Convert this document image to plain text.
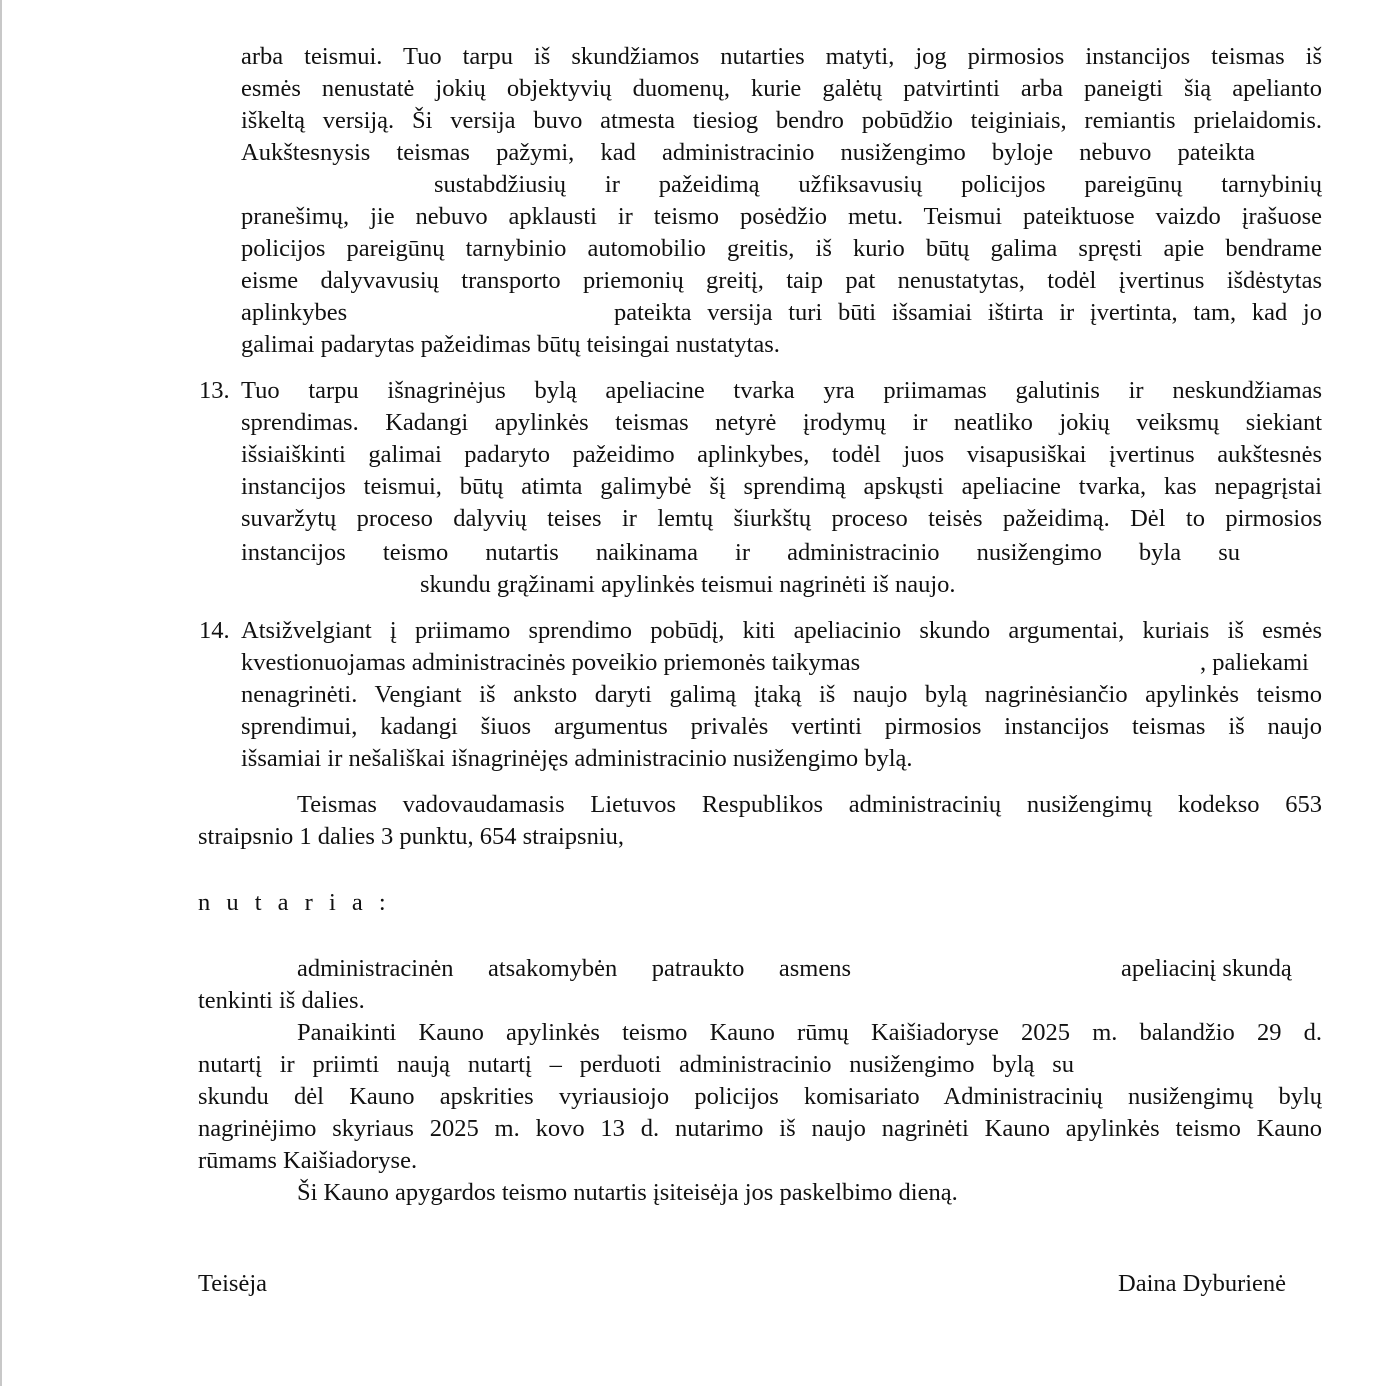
arba teismui. Tuo tarpu iš skundžiamos nutarties matyti, jog pirmosios instancijos teismas iš
esmės nenustatė jokių objektyvių duomenų, kurie galėtų patvirtinti arba paneigti šią apelianto
iškeltą versiją. Ši versija buvo atmesta tiesiog bendro pobūdžio teiginiais, remiantis prielaidomis.
Aukštesnysis teismas pažymi, kad administracinio nusižengimo byloje nebuvo pateikta
sustabdžiusių ir pažeidimą užfiksavusių policijos pareigūnų tarnybinių
pranešimų, jie nebuvo apklausti ir teismo posėdžio metu. Teismui pateiktuose vaizdo įrašuose
policijos pareigūnų tarnybinio automobilio greitis, iš kurio būtų galima spręsti apie bendrame
eisme dalyvavusių transporto priemonių greitį, taip pat nenustatytas, todėl įvertinus išdėstytas
aplinkybes	pateikta versija turi būti išsamiai ištirta ir įvertinta, tam, kad jo
galimai padarytas pažeidimas būtų teisingai nustatytas.
13. Tuo tarpu išnagrinėjus bylą apeliacine tvarka yra priimamas galutinis ir neskundžiamas
sprendimas. Kadangi apylinkės teismas netyrė įrodymų ir neatliko jokių veiksmų siekiant
išsiaiškinti galimai padaryto pažeidimo aplinkybes, todėl juos visapusiškai įvertinus aukštesnės
instancijos teismui, būtų atimta galimybė šį sprendimą apskųsti apeliacine tvarka, kas nepagrįstai
suvaržytų proceso dalyvių teises ir lemtų šiurkštų proceso teisės pažeidimą. Dėl to pirmosios
instancijos teismo nutartis naikinama ir administracinio nusižengimo byla su
skundu grąžinami apylinkės teismui nagrinėti iš naujo.
14. Atsižvelgiant į priimamo sprendimo pobūdį, kiti apeliacinio skundo argumentai, kuriais iš esmės
kvestionuojamas administracinės poveikio priemonės taikymas	, paliekami
nenagrinėti. Vengiant iš anksto daryti galimą įtaką iš naujo bylą nagrinėsiančio apylinkės teismo
sprendimui, kadangi šiuos argumentus privalės vertinti pirmosios instancijos teismas iš naujo
išsamiai ir nešališkai išnagrinėjęs administracinio nusižengimo bylą.
Teismas vadovaudamasis Lietuvos Respublikos administracinių nusižengimų kodekso 653
straipsnio 1 dalies 3 punktu, 654 straipsniu,
n u t a r i a :
administracinėn atsakomybėn patraukto asmens	apeliacinį skundą
tenkinti iš dalies.
Panaikinti Kauno apylinkės teismo Kauno rūmų Kaišiadoryse 2025 m. balandžio 29 d.
nutartį ir priimti naują nutartį – perduoti administracinio nusižengimo bylą su
skundu dėl Kauno apskrities vyriausiojo policijos komisariato Administracinių nusižengimų bylų
nagrinėjimo skyriaus 2025 m. kovo 13 d. nutarimo iš naujo nagrinėti Kauno apylinkės teismo Kauno
rūmams Kaišiadoryse.
Ši Kauno apygardos teismo nutartis įsiteisėja jos paskelbimo dieną.
Teisėja	Daina Dyburienė
